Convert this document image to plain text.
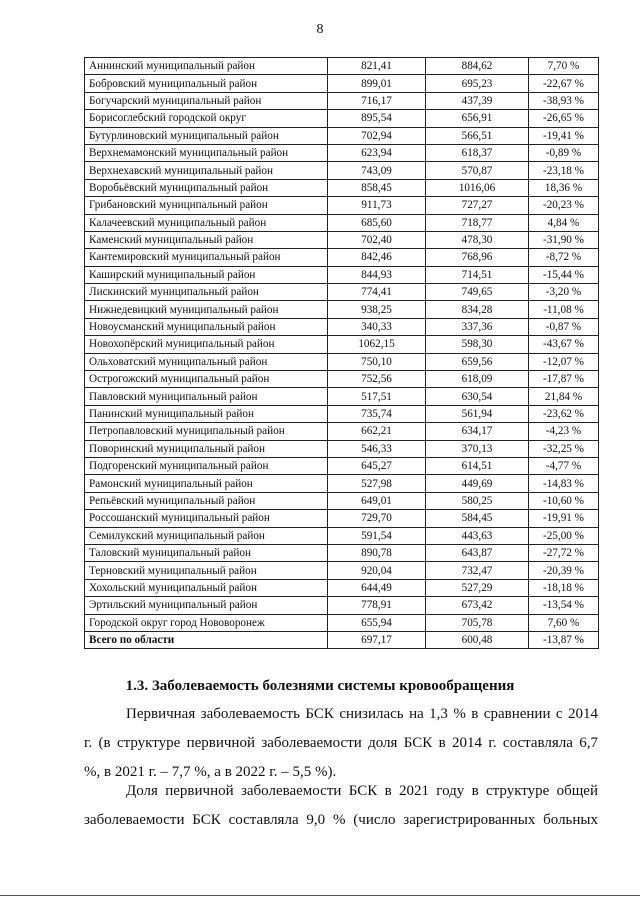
8
Аннинский муниципальный район	821,41	884,62	7,70 %
Бобровский муниципальный район	899,01	695,23	-22,67 %
Богучарский муниципальный район	716,17	437,39	-38,93 %
Борисоглебский городской округ	895,54	656,91	-26,65 %
Бутурлиновский муниципальный район	702,94	566,51	-19,41 %
Верхнемамонский муниципальный район	623,94	618,37	-0,89 %
Верхнехавский муниципальный район	743,09	570,87	-23,18 %
Воробьёвский муниципальный район	858,45	1016,06	18,36 %
Грибановский муниципальный район	911,73	727,27	-20,23 %
Калачеевский муниципальный район	685,60	718,77	4,84 %
Каменский муниципальный район	702,40	478,30	-31,90 %
Кантемировский муниципальный район	842,46	768,96	-8,72 %
Каширский муниципальный район	844,93	714,51	-15,44 %
Лискинский муниципальный район	774,41	749,65	-3,20 %
Нижнедевицкий муниципальный район	938,25	834,28	-11,08 %
Новоусманский муниципальный район	340,33	337,36	-0,87 %
Новохопёрский муниципальный район	1062,15	598,30	-43,67 %
Ольховатский муниципальный район	750,10	659,56	-12,07 %
Острогожский муниципальный район	752,56	618,09	-17,87 %
Павловский муниципальный район	517,51	630,54	21,84 %
Панинский муниципальный район	735,74	561,94	-23,62 %
Петропавловский муниципальный район	662,21	634,17	-4,23 %
Поворинский муниципальный район	546,33	370,13	-32,25 %
Подгоренский муниципальный район	645,27	614,51	-4,77 %
Рамонский муниципальный район	527,98	449,69	-14,83 %
Репьёвский муниципальный район	649,01	580,25	-10,60 %
Россошанский муниципальный район	729,70	584,45	-19,91 %
Семилукский муниципальный район	591,54	443,63	-25,00 %
Таловский муниципальный район	890,78	643,87	-27,72 %
Терновский муниципальный район	920,04	732,47	-20,39 %
Хохольский муниципальный район	644,49	527,29	-18,18 %
Эртильский муниципальный район	778,91	673,42	-13,54 %
Городской округ город Нововоронеж	655,94	705,78	7,60 %
Всего по области	697,17	600,48	-13,87 %
1.3. Заболеваемость болезнями системы кровообращения
Первичная заболеваемость БСК снизилась на 1,3 % в сравнении с 2014
г. (в структуре первичной заболеваемости доля БСК в 2014 г. составляла 6,7
%, в 2021 г. – 7,7 %, а в 2022 г. – 5,5 %).
Доля первичной заболеваемости БСК в 2021 году в структуре общей
заболеваемости БСК составляла 9,0 % (число зарегистрированных больных
